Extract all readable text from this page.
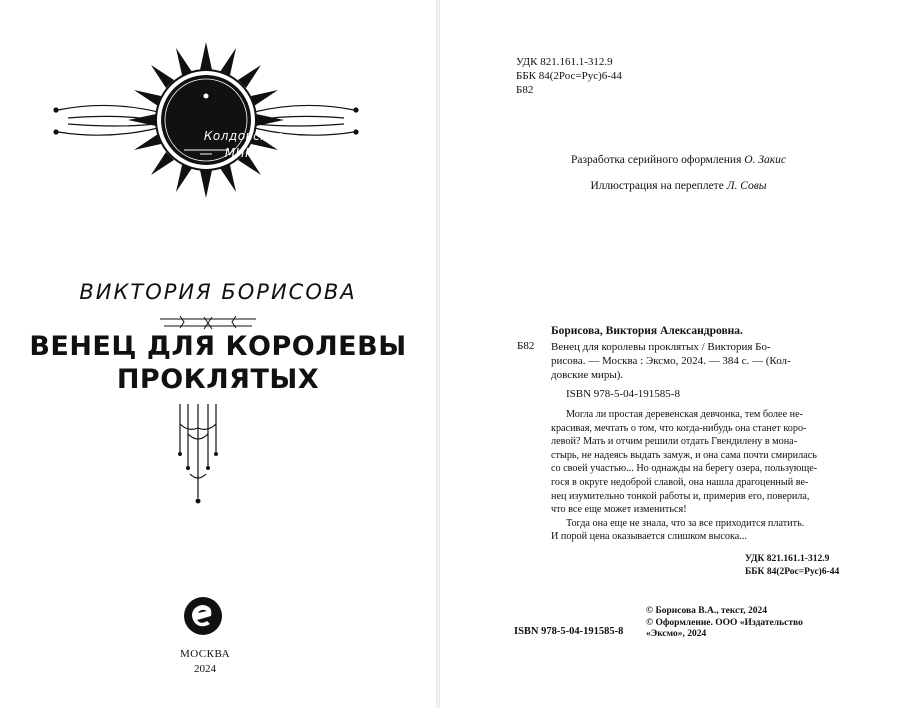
Колдовские
МИРЫ
ВИКТОРИЯ БОРИСОВА
ВЕНЕЦ ДЛЯ КОРОЛЕВЫ
ПРОКЛЯТЫХ
МОСКВА
2024
УДК 821.161.1-312.9
ББК 84(2Рос=Рус)6-44
Б82
Разработка серийного оформления О. Закис
Иллюстрация на переплете Л. Совы
Борисова, Виктория Александровна.
Б82 Венец для королевы проклятых / Виктория Бо-
рисова. — Москва : Эксмо, 2024. — 384 с. — (Кол-
довские миры).
ISBN 978-5-04-191585-8
Могла ли простая деревенская девчонка, тем более не-
красивая, мечтать о том, что когда-нибудь она станет коро-
левой? Мать и отчим решили отдать Гвендилену в мона-
стырь, не надеясь выдать замуж, и она сама почти смирилась
со своей участью... Но однажды на берегу озера, пользующе-
гося в округе недоброй славой, она нашла драгоценный ве-
нец изумительно тонкой работы и, примерив его, поверила,
что все еще может измениться!
Тогда она еще не знала, что за все приходится платить.
И порой цена оказывается слишком высока...
УДК 821.161.1-312.9
ББК 84(2Рос=Рус)6-44
ISBN 978-5-04-191585-8
© Борисова В.А., текст, 2024
© Оформление. ООО «Издательство
«Эксмо», 2024
